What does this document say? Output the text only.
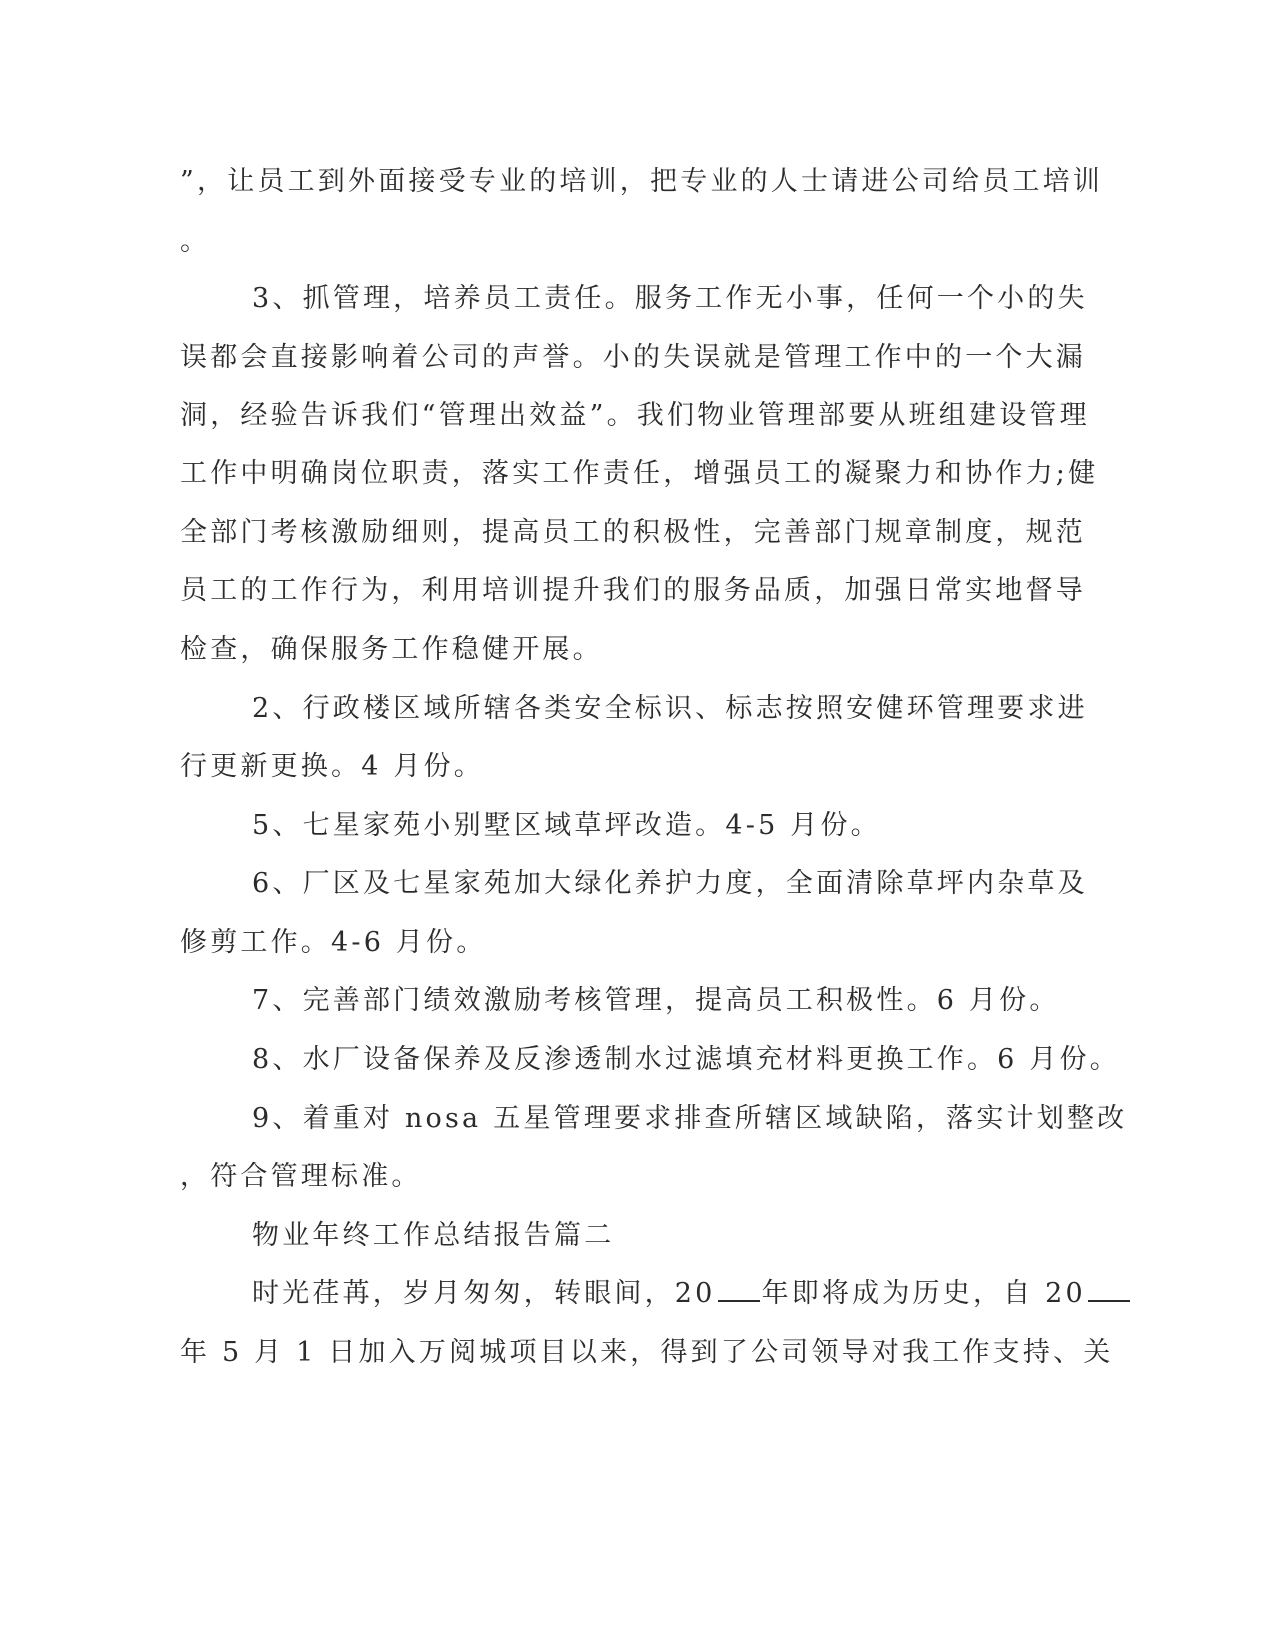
”，让员工到外面接受专业的培训，把专业的人士请进公司给员工培训
。
3、抓管理，培养员工责任。服务工作无小事，任何一个小的失
误都会直接影响着公司的声誉。小的失误就是管理工作中的一个大漏
洞，经验告诉我们“管理出效益”。我们物业管理部要从班组建设管理
工作中明确岗位职责，落实工作责任，增强员工的凝聚力和协作力;健
全部门考核激励细则，提高员工的积极性，完善部门规章制度，规范
员工的工作行为，利用培训提升我们的服务品质，加强日常实地督导
检查，确保服务工作稳健开展。
2、行政楼区域所辖各类安全标识、标志按照安健环管理要求进
行更新更换。4 月份。
5、七星家苑小别墅区域草坪改造。4-5 月份。
6、厂区及七星家苑加大绿化养护力度，全面清除草坪内杂草及
修剪工作。4-6 月份。
7、完善部门绩效激励考核管理，提高员工积极性。6 月份。
8、水厂设备保养及反渗透制水过滤填充材料更换工作。6 月份。
9、着重对 nosa 五星管理要求排查所辖区域缺陷，落实计划整改
，符合管理标准。
物业年终工作总结报告篇二
时光荏苒，岁月匆匆，转眼间，20 年即将成为历史，自 20
年 5 月 1 日加入万阅城项目以来，得到了公司领导对我工作支持、关
